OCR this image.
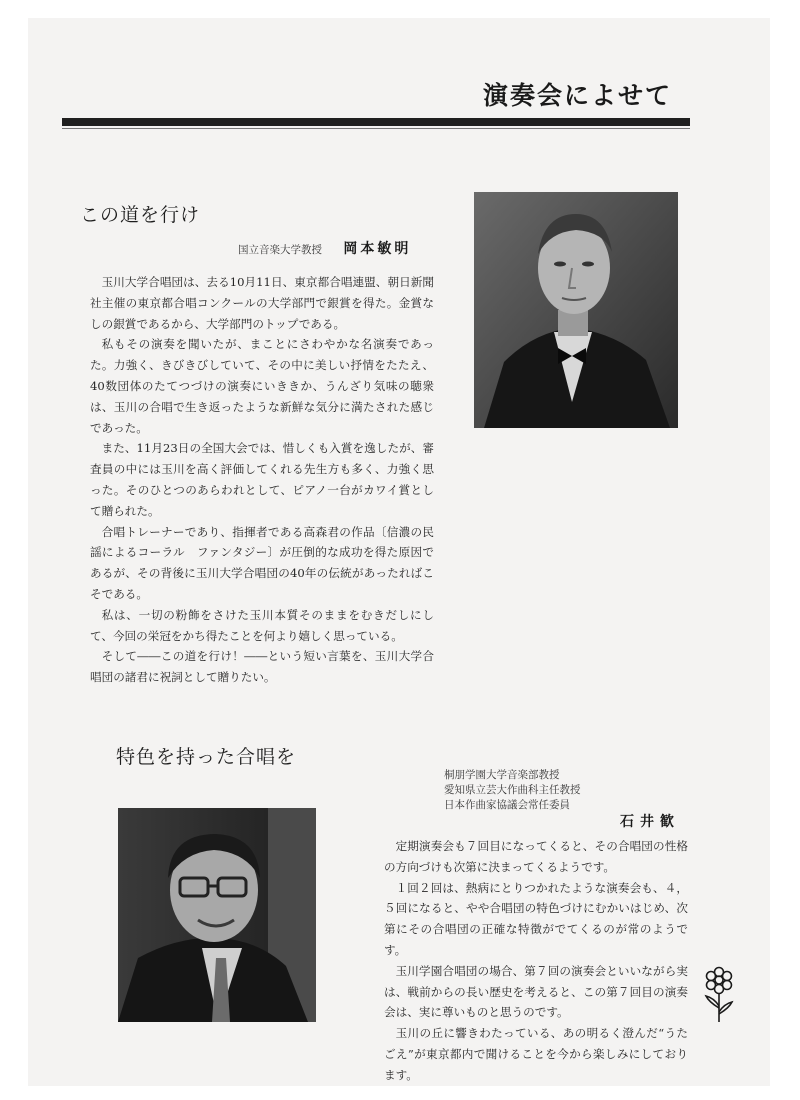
演奏会によせて
この道を行け
国立音楽大学教授 岡本敏明

玉川大学合唱団は、去る10月11日、東京都合唱連盟、朝日新聞社主催の東京都合唱コンクールの大学部門で銀賞を得た。金賞なしの銀賞であるから、大学部門のトップである。

私もその演奏を聞いたが、まことにさわやかな名演奏であった。力強く、きびきびしていて、その中に美しい抒情をたたえ、40数団体のたてつづけの演奏にいききか、うんざり気味の聴衆は、玉川の合唱で生き返ったような新鮮な気分に満たされた感じであった。

また、11月23日の全国大会では、惜しくも入賞を逸したが、審査員の中には玉川を高く評価してくれる先生方も多く、力強く思った。そのひとつのあらわれとして、ピアノ一台がカワイ賞として贈られた。

合唱トレーナーであり、指揮者である高森君の作品〔信濃の民謡によるコーラル　ファンタジー〕が圧倒的な成功を得た原因であるが、その背後に玉川大学合唱団の40年の伝統があったればこそである。

私は、一切の粉飾をさけた玉川本質そのままをむきだしにして、今回の栄冠をかち得たことを何より嬉しく思っている。

そして――この道を行け！――という短い言葉を、玉川大学合唱団の諸君に祝詞として贈りたい。

特色を持った合唱を
桐朋学園大学音楽部教授
愛知県立芸大作曲科主任教授
日本作曲家協議会常任委員
石井歓

定期演奏会も７回目になってくると、その合唱団の性格の方向づけも次第に決まってくるようです。

１回２回は、熱病にとりつかれたような演奏会も、４，５回になると、やや合唱団の特色づけにむかいはじめ、次第にその合唱団の正確な特徴がでてくるのが常のようです。

玉川学園合唱団の場合、第７回の演奏会といいながら実は、戦前からの長い歴史を考えると、この第７回目の演奏会は、実に尊いものと思うのです。

玉川の丘に響きわたっている、あの明るく澄んだ“うたごえ”が東京都内で聞けることを今から楽しみにしております。
